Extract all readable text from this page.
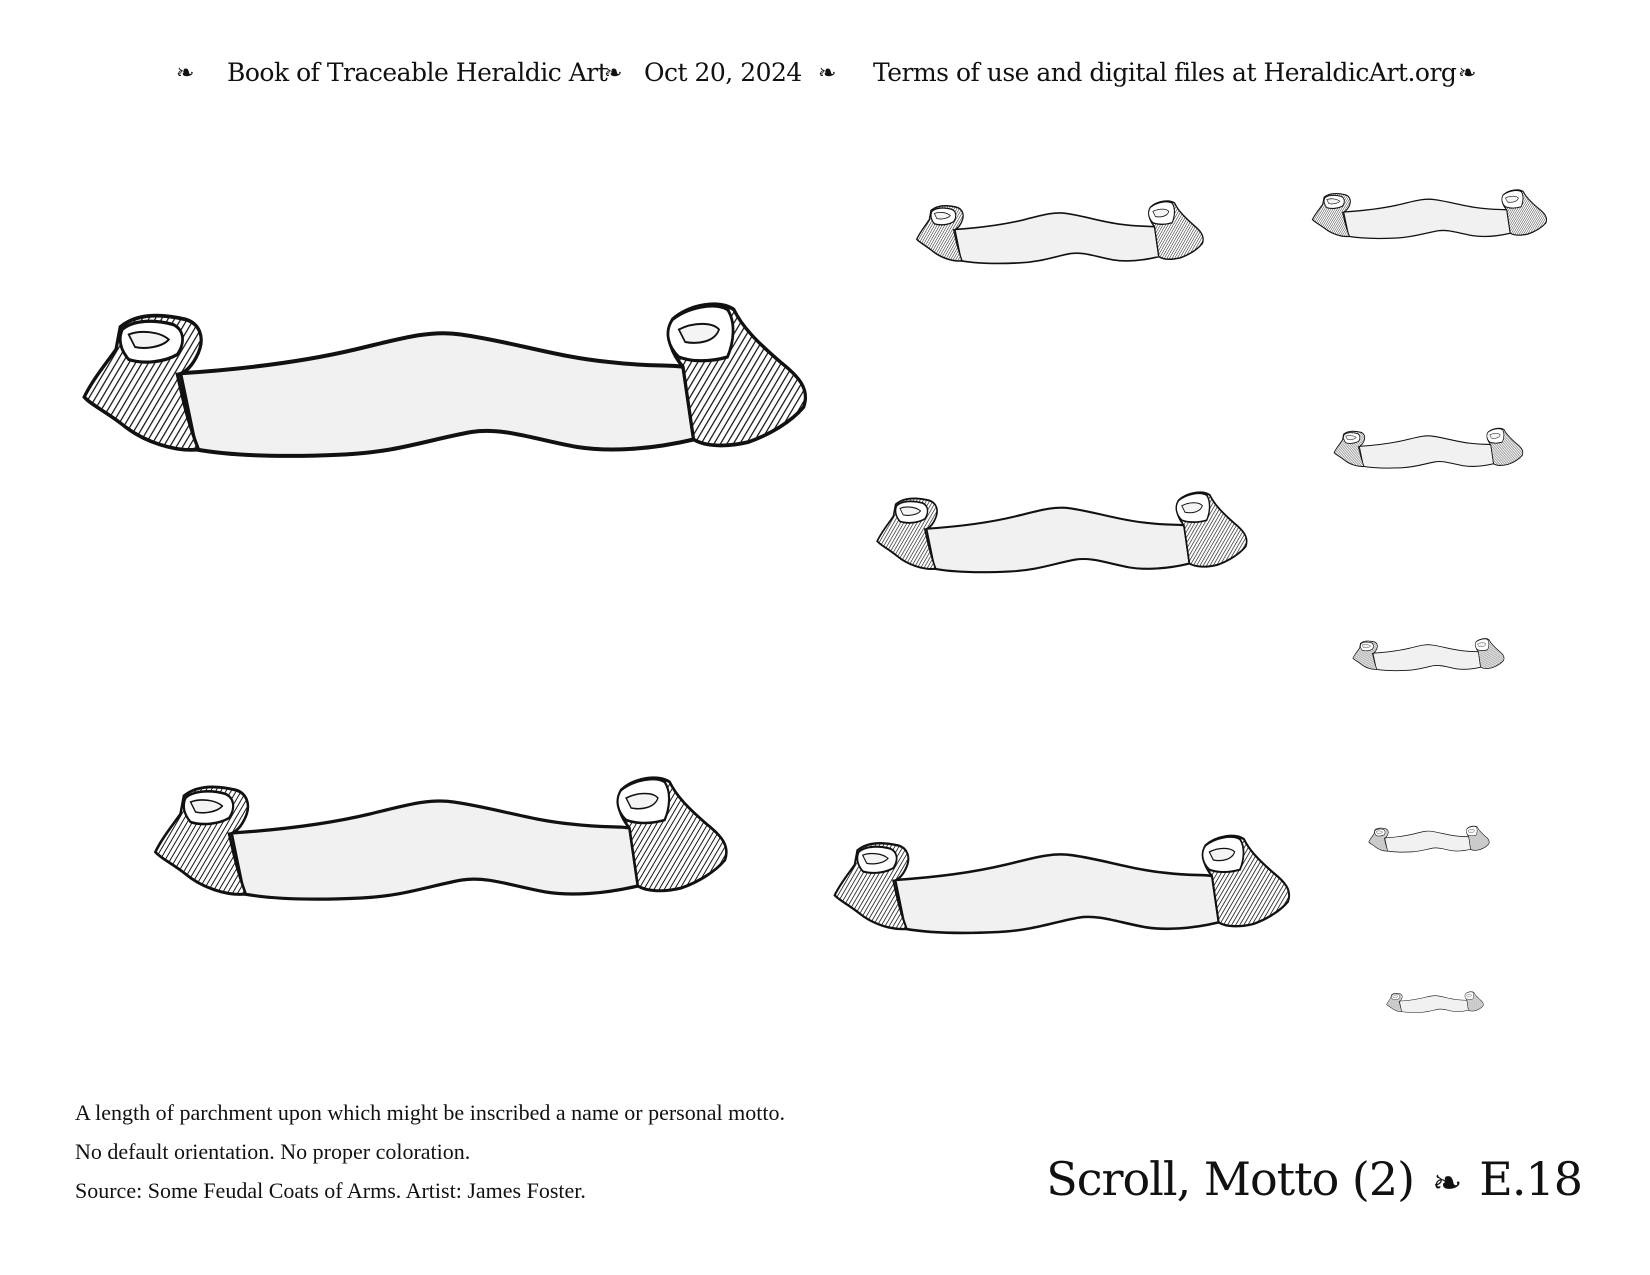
❧ Book of Traceable Heraldic Art
❧ Oct 20, 2024 ❧ Terms of use and digital files at HeraldicArt.org ❧
A length of parchment upon which might be inscribed a name or personal motto.
No default orientation. No proper coloration.
Source: Some Feudal Coats of Arms. Artist: James Foster.	Scroll, Motto (2) ❧ E.18
